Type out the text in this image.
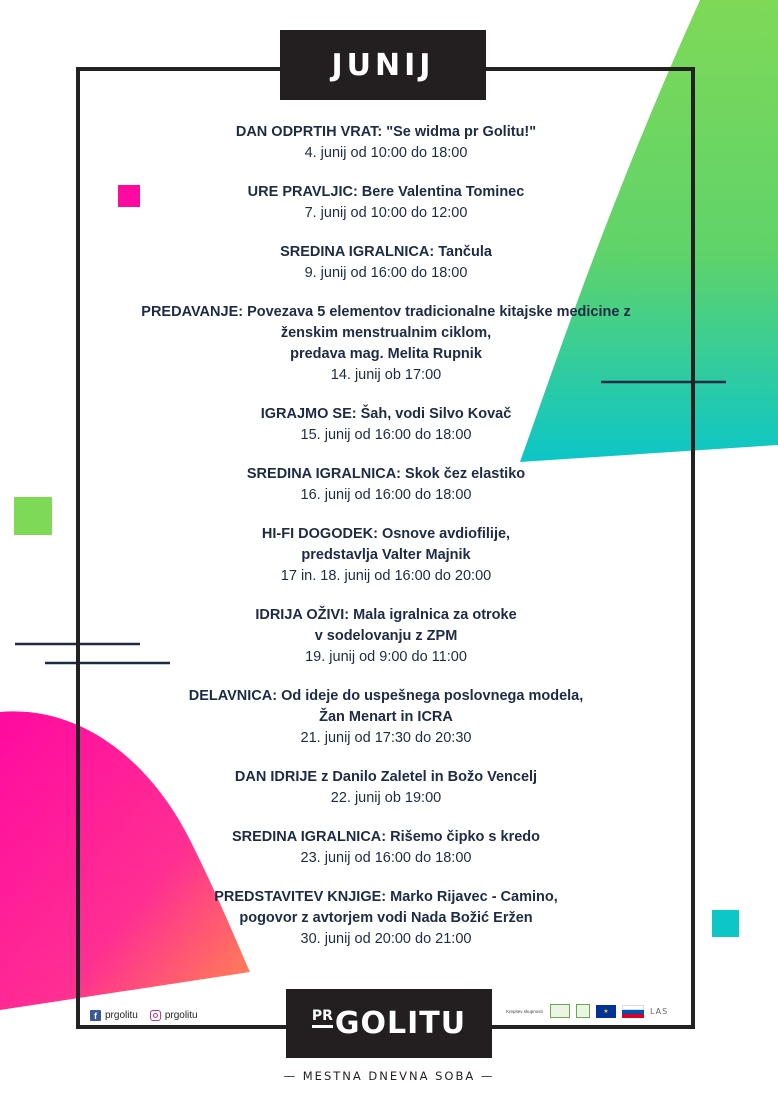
JUNIJ
DAN ODPRTIH VRAT: "Se widma pr Golitu!"
4. junij od 10:00 do 18:00
URE PRAVLJIC: Bere Valentina Tominec
7. junij od 10:00 do 12:00
SREDINA IGRALNICA: Tančula
9. junij od 16:00 do 18:00
PREDAVANJE: Povezava 5 elementov tradicionalne kitajske medicine z
ženskim menstrualnim ciklom,
predava mag. Melita Rupnik
14. junij ob 17:00
IGRAJMO SE: Šah, vodi Silvo Kovač
15. junij od 16:00 do 18:00
SREDINA IGRALNICA: Skok čez elastiko
16. junij od 16:00 do 18:00
HI-FI DOGODEK: Osnove avdiofilije,
predstavlja Valter Majnik
17 in. 18. junij od 16:00 do 20:00
IDRIJA OŽIVI: Mala igralnica za otroke
v sodelovanju z ZPM
19. junij od 9:00 do 11:00
DELAVNICA: Od ideje do uspešnega poslovnega modela,
Žan Menart in ICRA
21. junij od 17:30 do 20:30
DAN IDRIJE z Danilo Zaletel in Božo Vencelj
22. junij ob 19:00
SREDINA IGRALNICA: Rišemo čipko s kredo
23. junij od 16:00 do 18:00
PREDSTAVITEV KNJIGE: Marko Rijavec - Camino,
pogovor z avtorjem vodi Nada Božić Eržen
30. junij od 20:00 do 21:00
f prgolitu	prgolitu	PR GOLITU
— MESTNA DNEVNA SOBA —
Krepitev skupnosti	★	LAS
